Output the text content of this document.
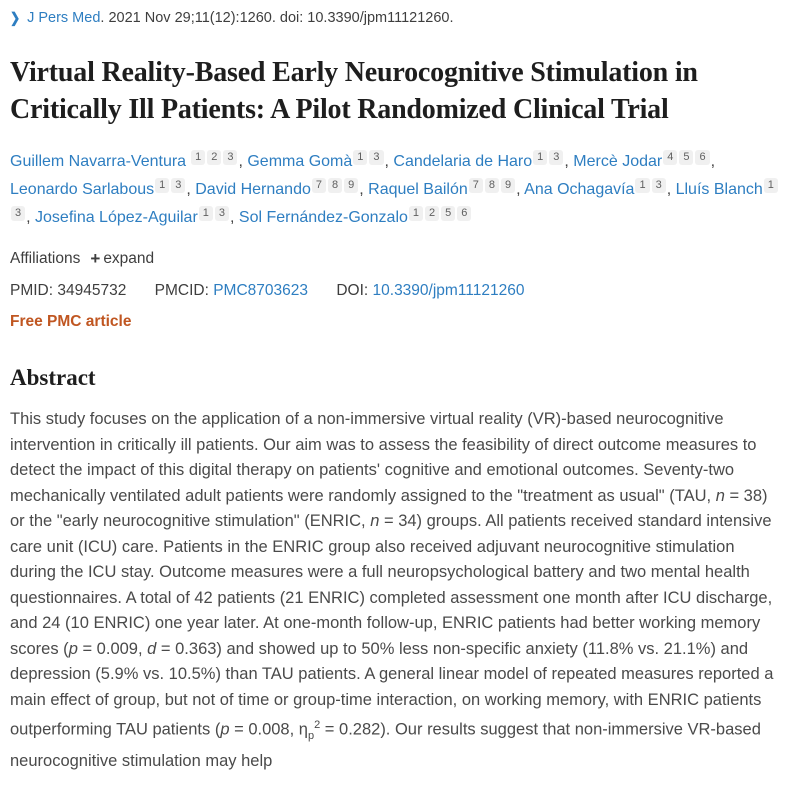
❯ J Pers Med. 2021 Nov 29;11(12):1260. doi: 10.3390/jpm11121260.
Virtual Reality-Based Early Neurocognitive Stimulation in Critically Ill Patients: A Pilot Randomized Clinical Trial
Guillem Navarra-Ventura $^1$ $^2$ $^3$ , Gemma Gomà $^1$ $^3$ , Candelaria de Haro $^1$ $^3$ , Mercè Jodar $^4$ $^5$ $^6$ , Leonardo Sarlabous $^1$ $^3$ , David Hernando $^7$ $^8$ $^9$ , Raquel Bailón $^7$ $^8$ $^9$ , Ana Ochagavía $^1$ $^3$ , Lluís Blanch $^{13}$ , Josefina López-Aguilar $^1$ $^3$ , Sol Fernández-Gonzalo $^1$ $^2$ $^5$ $^6$
Affiliations + expand
PMID: 34945732 PMCID: PMC8703623 DOI: 10.3390/jpm11121260
Free PMC article
Abstract

This study focuses on the application of a non-immersive virtual reality (VR)-based neurocognitive intervention in critically ill patients. Our aim was to assess the feasibility of direct outcome measures to detect the impact of this digital therapy on patients' cognitive and emotional outcomes. Seventy-two mechanically ventilated adult patients were randomly assigned to the "treatment as usual" (TAU, n = 38) or the "early neurocognitive stimulation" (ENRIC, n = 34) groups. All patients received standard intensive care unit (ICU) care. Patients in the ENRIC group also received adjuvant neurocognitive stimulation during the ICU stay. Outcome measures were a full neuropsychological battery and two mental health questionnaires. A total of 42 patients (21 ENRIC) completed assessment one month after ICU discharge, and 24 (10 ENRIC) one year later. At one-month follow-up, ENRIC patients had better working memory scores (p = 0.009, d = 0.363) and showed up to 50% less non-specific anxiety (11.8% vs. 21.1%) and depression (5.9% vs. 10.5%) than TAU patients. A general linear model of repeated measures reported a main effect of group, but not of time or group-time interaction, on working memory, with ENRIC patients outperforming TAU patients (p = 0.008, $\eta_p^2 = 0.282$). Our results suggest that non-immersive VR-based neurocognitive stimulation may help
